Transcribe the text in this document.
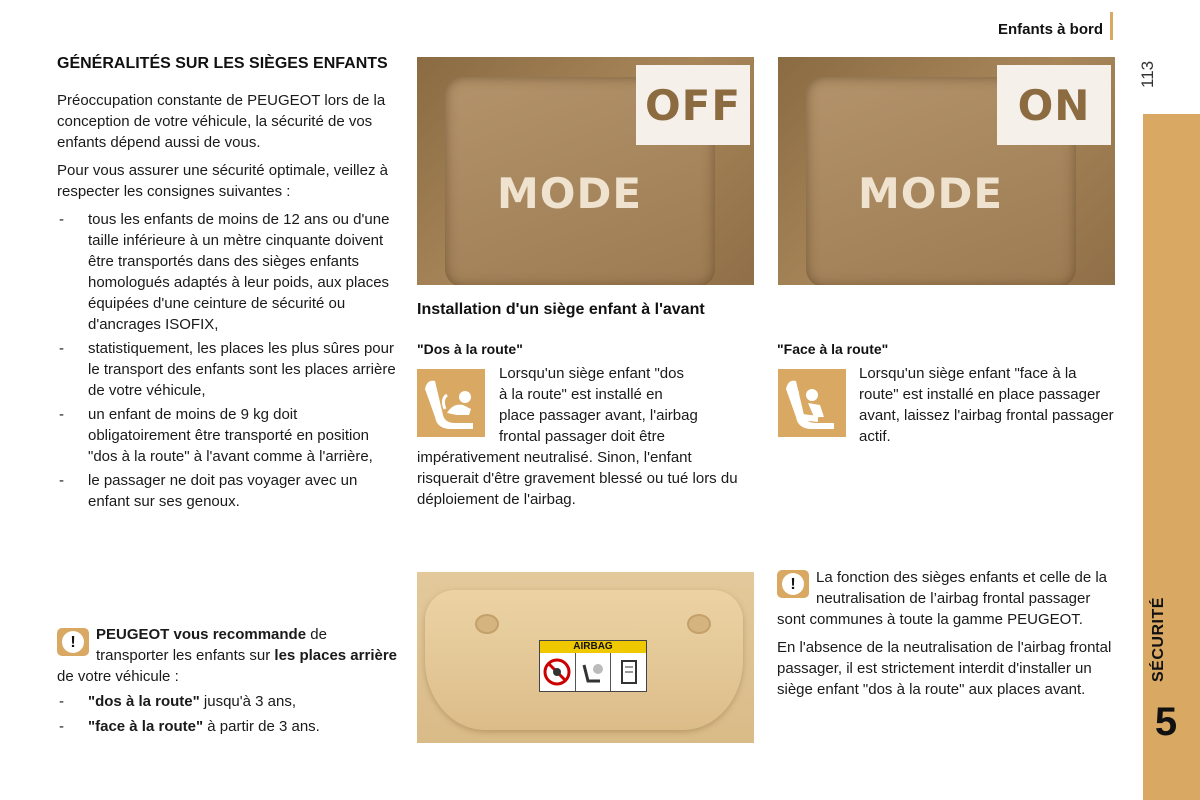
Enfants à bord
113
SÉCURITÉ
5
GÉNÉRALITÉS SUR LES SIÈGES ENFANTS

Préoccupation constante de PEUGEOT lors de la conception de votre véhicule, la sécurité de vos enfants dépend aussi de vous.

Pour vous assurer une sécurité optimale, veillez à respecter les consignes suivantes :

- tous les enfants de moins de 12 ans ou d'une taille inférieure à un mètre cinquante doivent être transportés dans des sièges enfants homologués adaptés à leur poids, aux places équipées d'une ceinture de sécurité ou d'ancrages ISOFIX,
- statistiquement, les places les plus sûres pour le transport des enfants sont les places arrière de votre véhicule,
- un enfant de moins de 9 kg doit obligatoirement être transporté en position "dos à la route" à l'avant comme à l'arrière,
- le passager ne doit pas voyager avec un enfant sur ses genoux.
!	PEUGEOT vous recommande de transporter les enfants sur les places arrière de votre véhicule :
- "dos à la route" jusqu'à 3 ans,
- "face à la route" à partir de 3 ans.
OFF
MODE
ON
MODE
Installation d'un siège enfant à l'avant
"Dos à la route"
Lorsqu'un siège enfant "dos
à la route" est installé en
place passager avant, l'airbag
frontal passager doit être
impérativement neutralisé. Sinon, l'enfant risquerait d'être gravement blessé ou tué lors du déploiement de l'airbag.
"Face à la route"
Lorsqu'un siège enfant "face à la route" est installé en place passager avant, laissez l'airbag frontal passager actif.
AIRBAG
!	La fonction des sièges enfants et celle de la neutralisation de l’airbag frontal passager sont communes à toute la gamme PEUGEOT.

En l'absence de la neutralisation de l'airbag frontal passager, il est strictement interdit d'installer un siège enfant "dos à la route" aux places avant.
